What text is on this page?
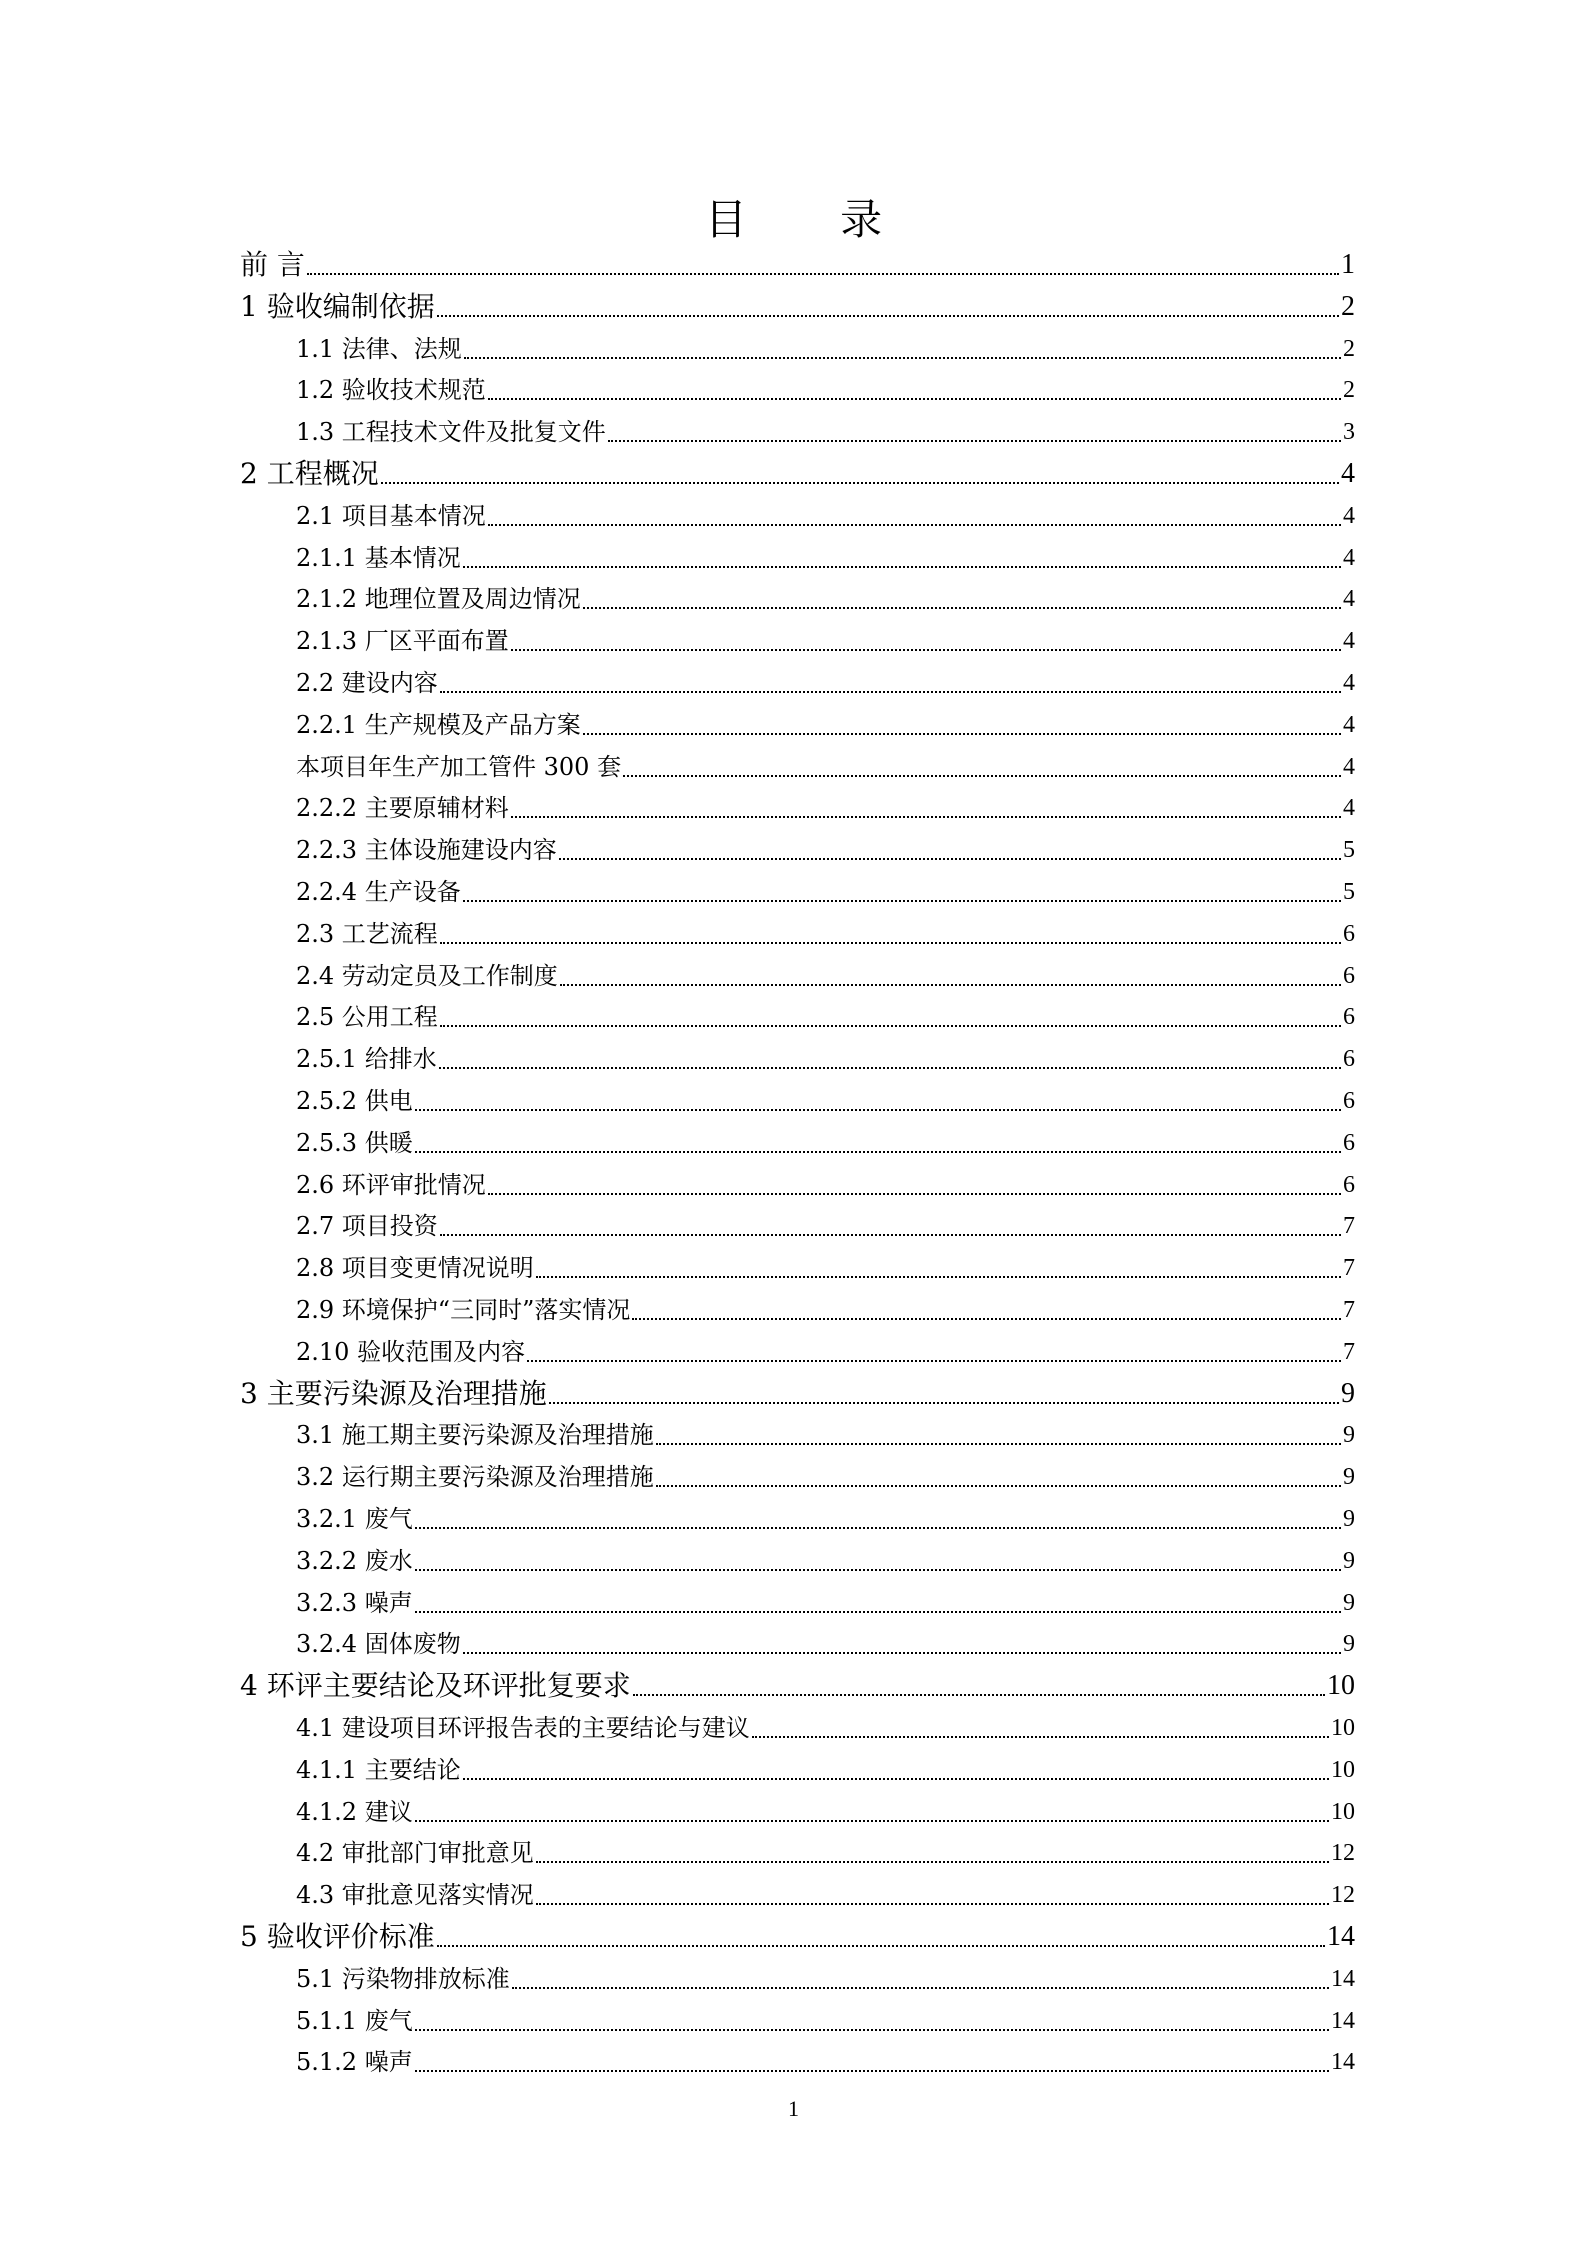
目 录
前 言	1
1 验收编制依据	2
1.1 法律、法规	2
1.2 验收技术规范	2
1.3 工程技术文件及批复文件	3
2 工程概况	4
2.1 项目基本情况	4
2.1.1 基本情况	4
2.1.2 地理位置及周边情况	4
2.1.3 厂区平面布置	4
2.2 建设内容	4
2.2.1 生产规模及产品方案	4
本项目年生产加工管件 300 套	4
2.2.2 主要原辅材料	4
2.2.3 主体设施建设内容	5
2.2.4 生产设备	5
2.3 工艺流程	6
2.4 劳动定员及工作制度	6
2.5 公用工程	6
2.5.1 给排水	6
2.5.2 供电	6
2.5.3 供暖	6
2.6 环评审批情况	6
2.7 项目投资	7
2.8 项目变更情况说明	7
2.9 环境保护“三同时”落实情况	7
2.10 验收范围及内容	7
3 主要污染源及治理措施	9
3.1 施工期主要污染源及治理措施	9
3.2 运行期主要污染源及治理措施	9
3.2.1 废气	9
3.2.2 废水	9
3.2.3 噪声	9
3.2.4 固体废物	9
4 环评主要结论及环评批复要求	10
4.1 建设项目环评报告表的主要结论与建议	10
4.1.1 主要结论	10
4.1.2 建议	10
4.2 审批部门审批意见	12
4.3 审批意见落实情况	12
5 验收评价标准	14
5.1 污染物排放标准	14
5.1.1 废气	14
5.1.2 噪声	14
1
